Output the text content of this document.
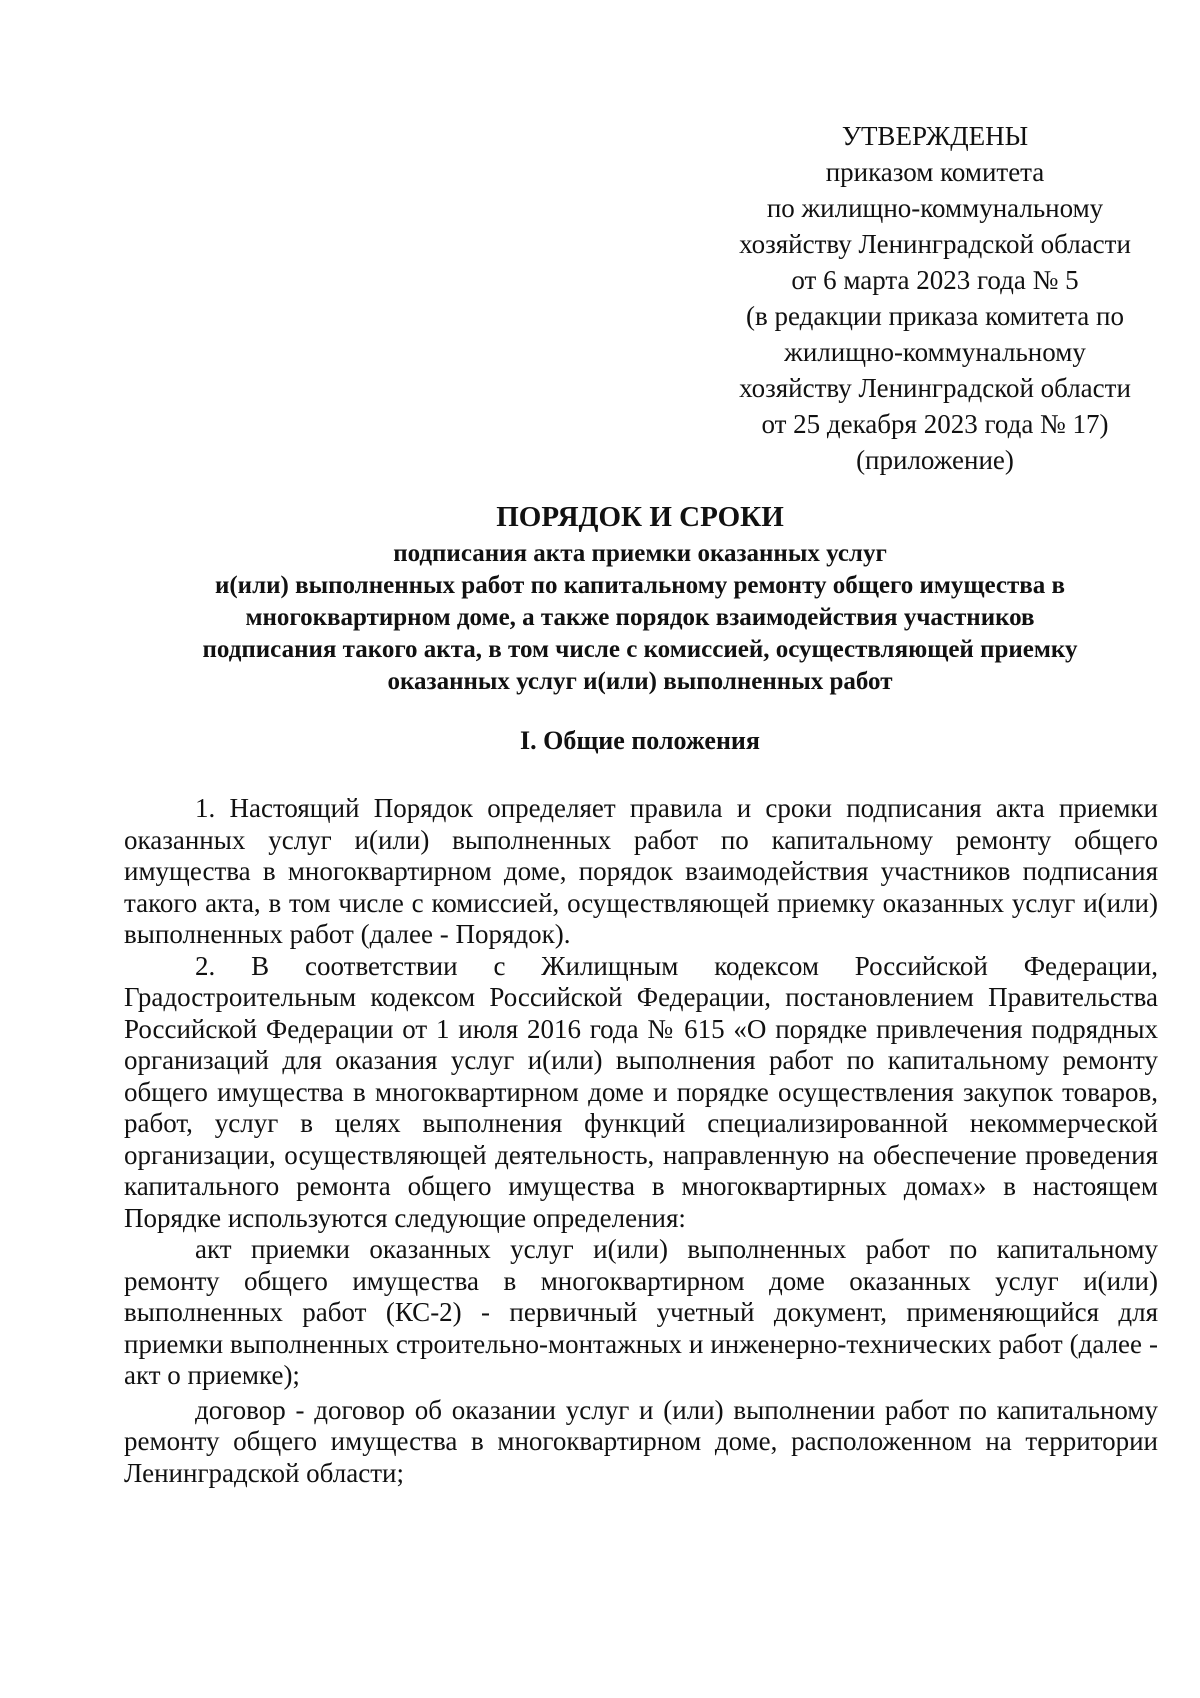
УТВЕРЖДЕНЫ
приказом комитета
по жилищно-коммунальному
хозяйству Ленинградской области
от 6 марта 2023 года № 5
(в редакции приказа комитета по
жилищно-коммунальному
хозяйству Ленинградской области
от 25 декабря 2023 года № 17)
(приложение)
ПОРЯДОК И СРОКИ
подписания акта приемки оказанных услуг
и(или) выполненных работ по капитальному ремонту общего имущества в
многоквартирном доме, а также порядок взаимодействия участников
подписания такого акта, в том числе с комиссией, осуществляющей приемку
оказанных услуг и(или) выполненных работ
I. Общие положения

1. Настоящий Порядок определяет правила и сроки подписания акта приемки оказанных услуг и(или) выполненных работ по капитальному ремонту общего имущества в многоквартирном доме, порядок взаимодействия участников подписания такого акта, в том числе с комиссией, осуществляющей приемку оказанных услуг и(или) выполненных работ (далее - Порядок).

2. В соответствии с Жилищным кодексом Российской Федерации, Градостроительным кодексом Российской Федерации, постановлением Правительства Российской Федерации от 1 июля 2016 года № 615 «О порядке привлечения подрядных организаций для оказания услуг и(или) выполнения работ по капитальному ремонту общего имущества в многоквартирном доме и порядке осуществления закупок товаров, работ, услуг в целях выполнения функций специализированной некоммерческой организации, осуществляющей деятельность, направленную на обеспечение проведения капитального ремонта общего имущества в многоквартирных домах» в настоящем Порядке используются следующие определения:

акт приемки оказанных услуг и(или) выполненных работ по капитальному ремонту общего имущества в многоквартирном доме оказанных услуг и(или) выполненных работ (КС-2) - первичный учетный документ, применяющийся для приемки выполненных строительно-монтажных и инженерно-технических работ (далее - акт о приемке);

договор - договор об оказании услуг и (или) выполнении работ по капитальному ремонту общего имущества в многоквартирном доме, расположенном на территории Ленинградской области;
